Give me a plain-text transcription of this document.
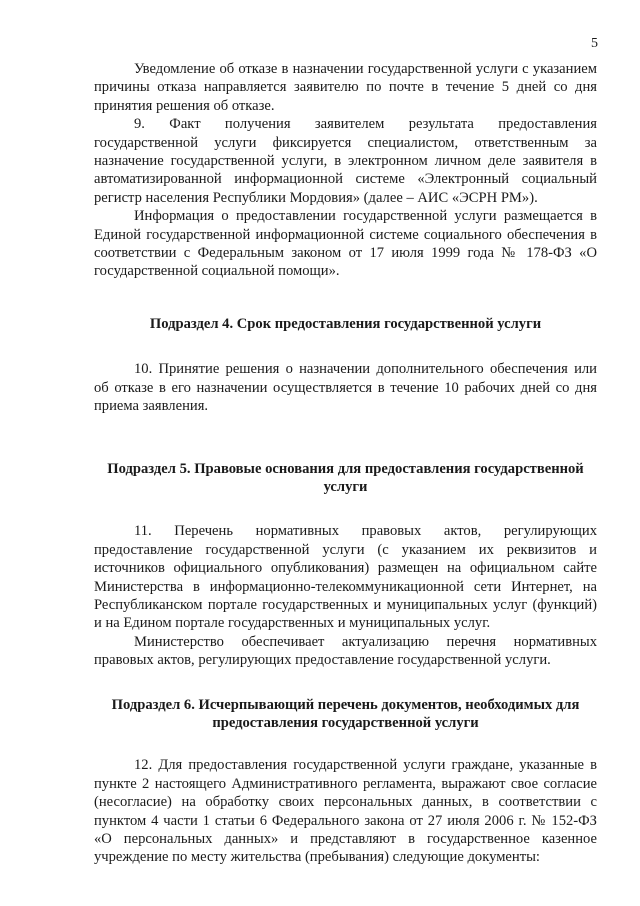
5

Уведомление об отказе в назначении государственной услуги с указанием причины отказа направляется заявителю по почте в течение 5 дней со дня принятия решения об отказе.

9. Факт получения заявителем результата предоставления государственной услуги фиксируется специалистом, ответственным за назначение государственной услуги, в электронном личном деле заявителя в автоматизированной информационной системе «Электронный социальный регистр населения Республики Мордовия» (далее – АИС «ЭСРН РМ»).

Информация о предоставлении государственной услуги размещается в Единой государственной информационной системе социального обеспечения в соответствии с Федеральным законом от 17 июля 1999 года № 178-ФЗ «О государственной социальной помощи».

Подраздел 4. Срок предоставления государственной услуги

10. Принятие решения о назначении дополнительного обеспечения или об отказе в его назначении осуществляется в течение 10 рабочих дней со дня приема заявления.

Подраздел 5. Правовые основания для предоставления государственной услуги

11. Перечень нормативных правовых актов, регулирующих предоставление государственной услуги (с указанием их реквизитов и источников официального опубликования) размещен на официальном сайте Министерства в информационно-телекоммуникационной сети Интернет, на Республиканском портале государственных и муниципальных услуг (функций) и на Едином портале государственных и муниципальных услуг.

Министерство обеспечивает актуализацию перечня нормативных правовых актов, регулирующих предоставление государственной услуги.

Подраздел 6. Исчерпывающий перечень документов, необходимых для предоставления государственной услуги

12. Для предоставления государственной услуги граждане, указанные в пункте 2 настоящего Административного регламента, выражают свое согласие (несогласие) на обработку своих персональных данных, в соответствии с пунктом 4 части 1 статьи 6 Федерального закона от 27 июля 2006 г. № 152-ФЗ «О персональных данных» и представляют в государственное казенное учреждение по месту жительства (пребывания) следующие документы:
